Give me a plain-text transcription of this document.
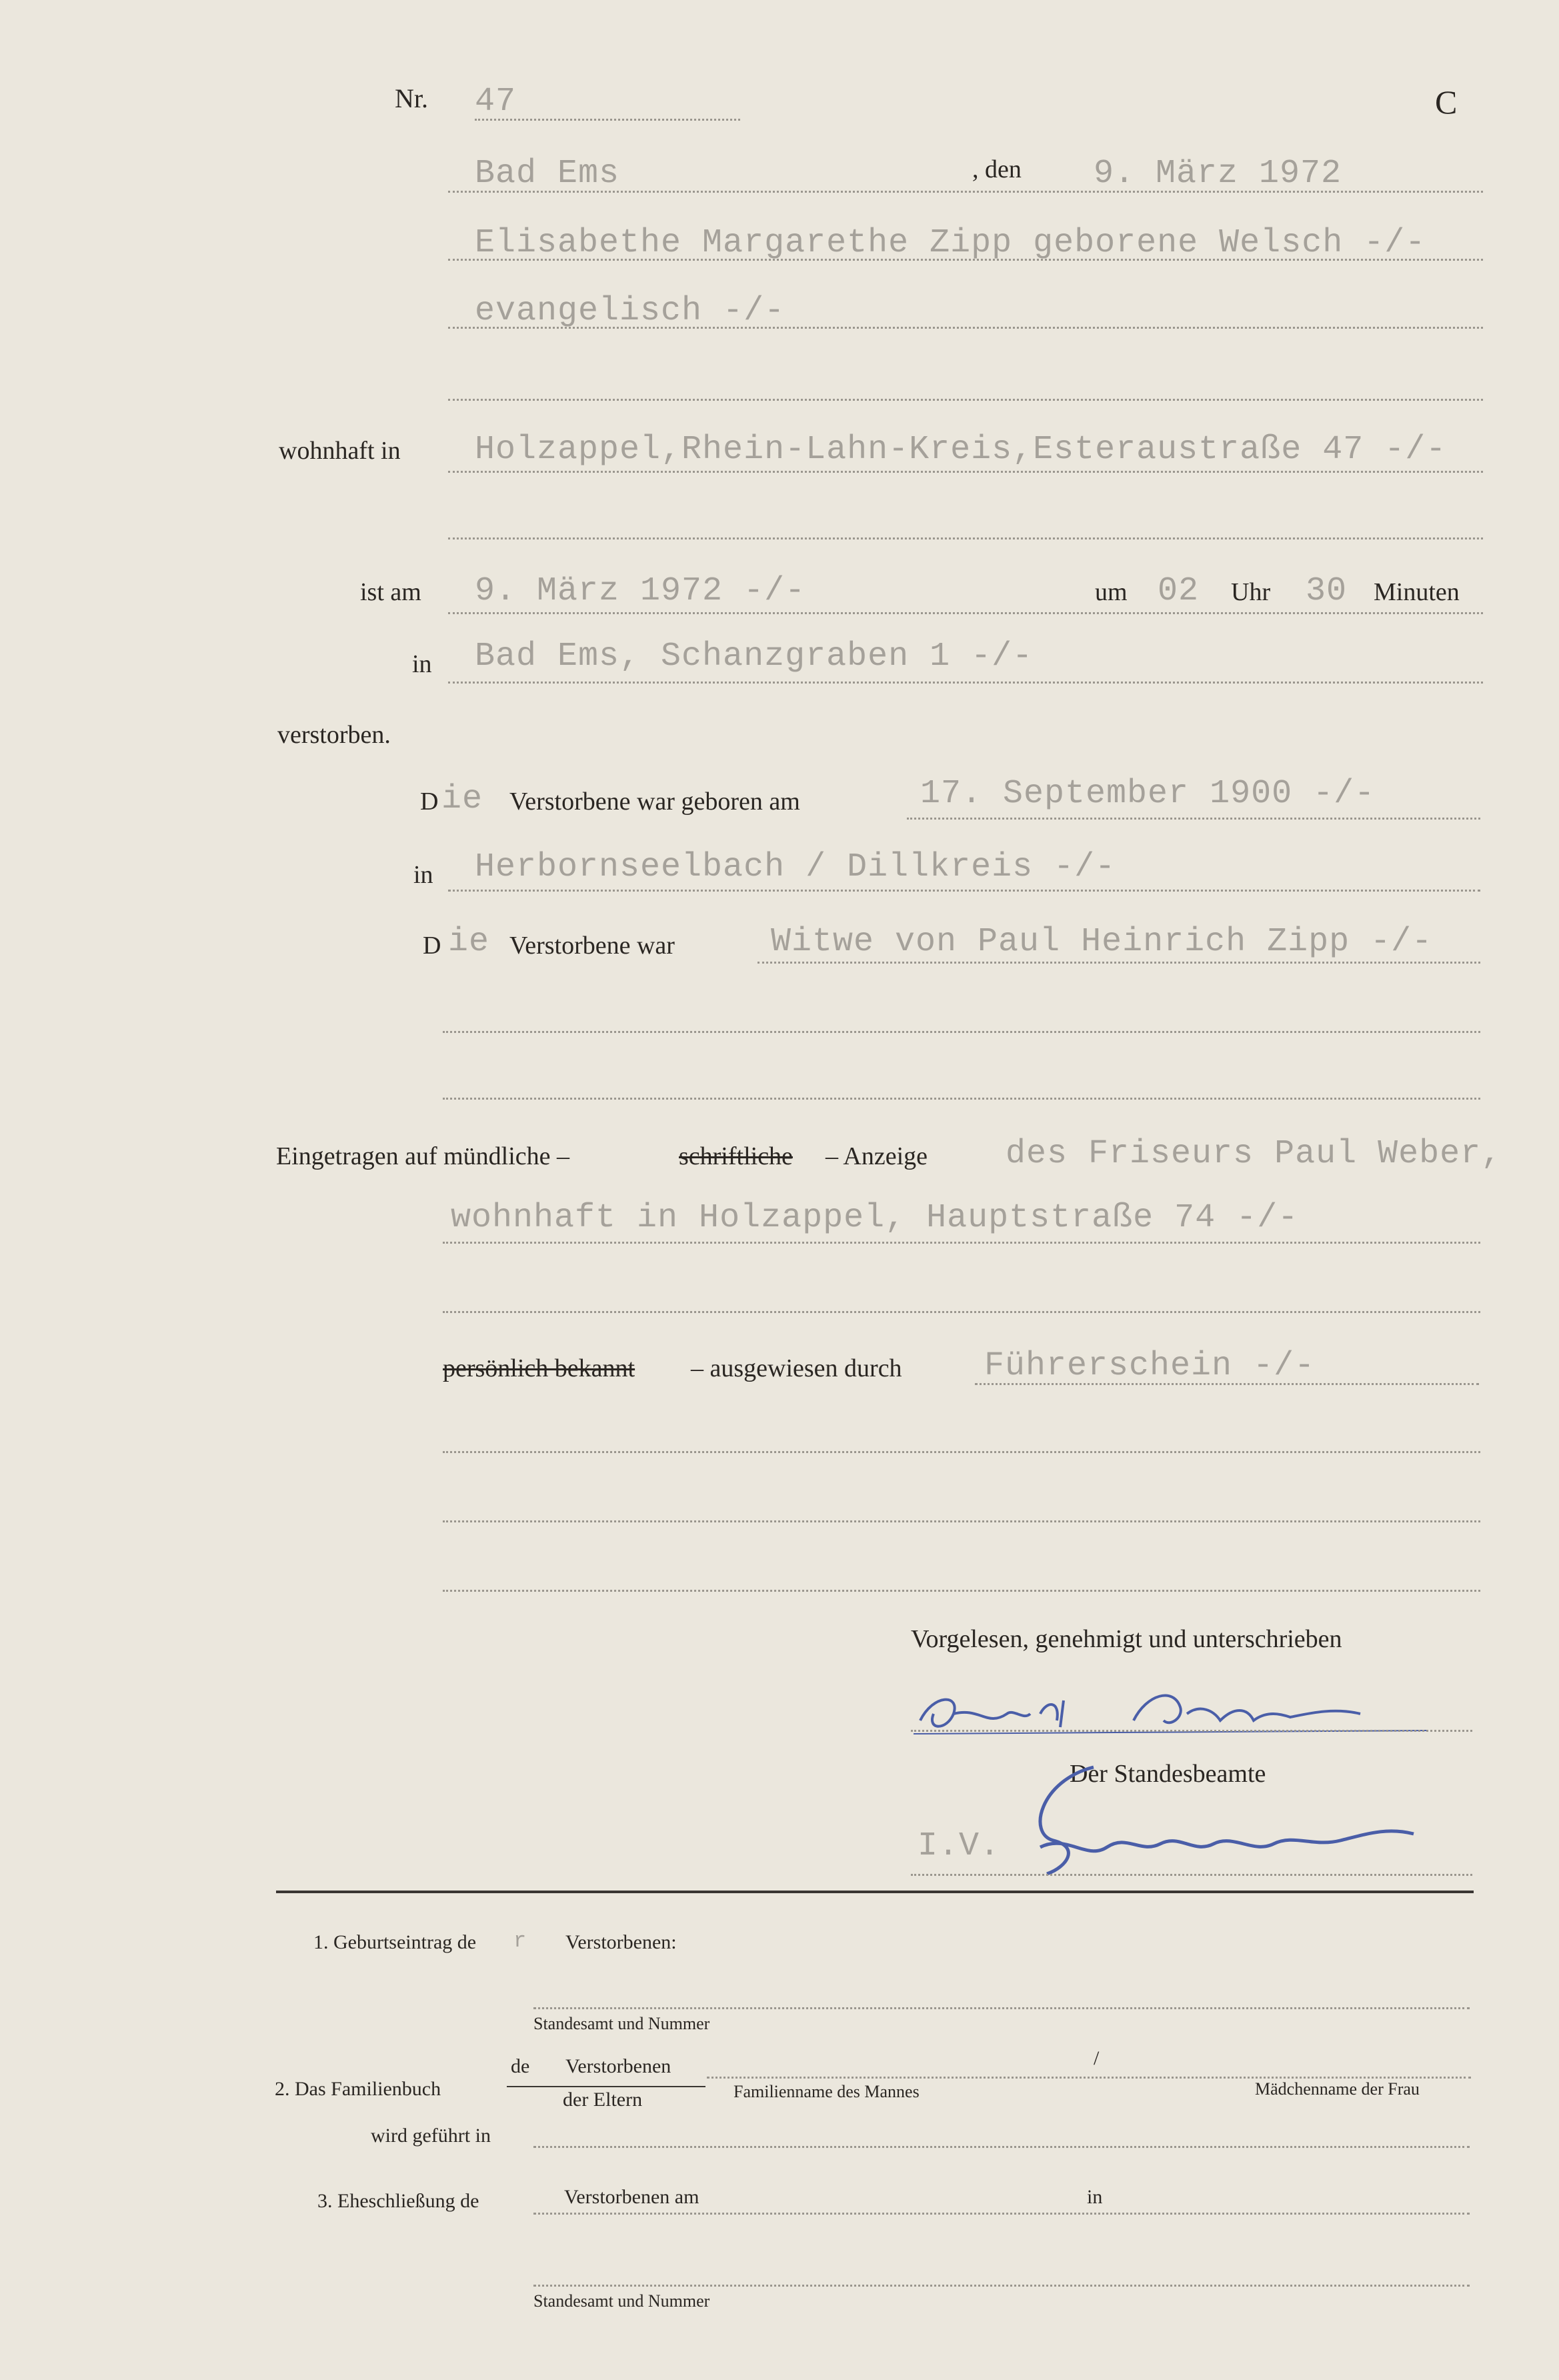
Nr. 47	C
Bad Ems	, den 9. März 1972
Elisabethe Margarethe Zipp geborene Welsch -/-
evangelisch -/-
wohnhaft in Holzappel,Rhein-Lahn-Kreis,Esteraustraße 47 -/-
ist am 9. März 1972 -/-	um 02 Uhr 30 Minuten
in Bad Ems, Schanzgraben 1 -/-
verstorben.
D ie Verstorbene war geboren am	17. September 1900 -/-
in Herbornseelbach / Dillkreis -/-
D ie Verstorbene war	Witwe von Paul Heinrich Zipp -/-
Eingetragen auf mündliche –	schriftliche – Anzeige des Friseurs Paul Weber,
wohnhaft in Holzappel, Hauptstraße 74 -/-
persönlich bekannt – ausgewiesen durch Führerschein -/-
Vorgelesen, genehmigt und unterschrieben
Der Standesbeamte
I.V.
1. Geburtseintrag de r Verstorbenen:
Standesamt und Nummer
2. Das Familienbuch
de Verstorbenen	/
der Eltern	Familienname des Mannes	Mädchenname der Frau
wird geführt in
3. Eheschließung de	Verstorbenen am	in
Standesamt und Nummer
